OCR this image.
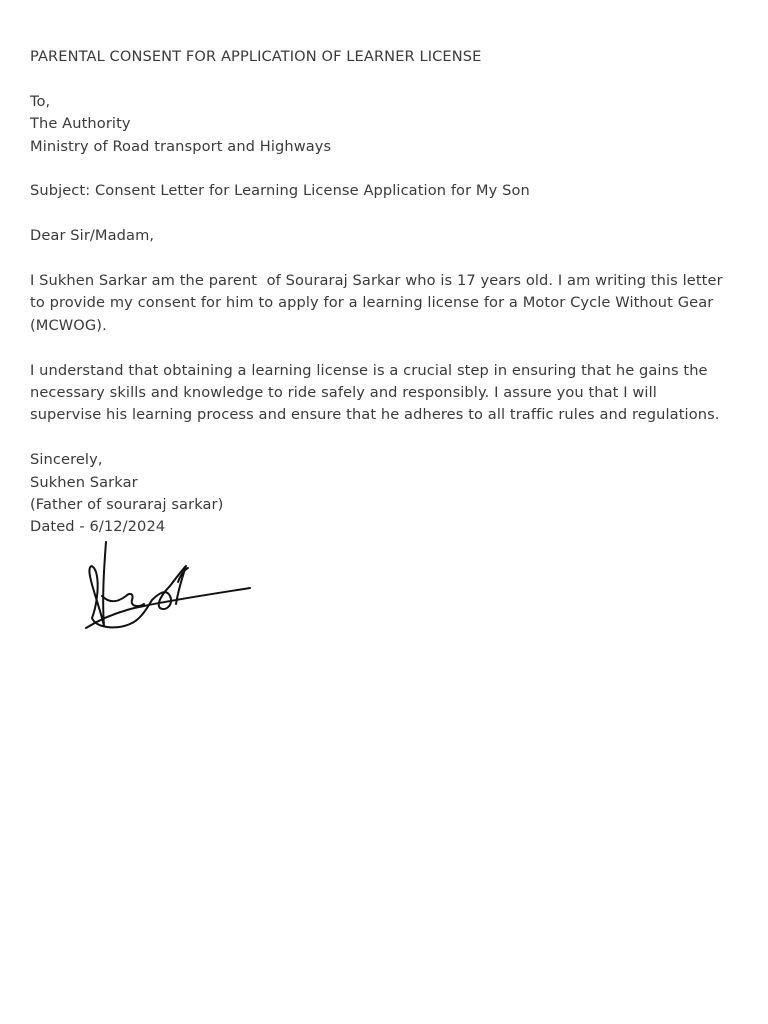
PARENTAL CONSENT FOR APPLICATION OF LEARNER LICENSE
To,
The Authority
Ministry of Road transport and Highways
Subject: Consent Letter for Learning License Application for My Son
Dear Sir/Madam,
I Sukhen Sarkar am the parent  of Souraraj Sarkar who is 17 years old. I am writing this letter
to provide my consent for him to apply for a learning license for a Motor Cycle Without Gear
(MCWOG).
I understand that obtaining a learning license is a crucial step in ensuring that he gains the
necessary skills and knowledge to ride safely and responsibly. I assure you that I will
supervise his learning process and ensure that he adheres to all traffic rules and regulations.
Sincerely,
Sukhen Sarkar
(Father of souraraj sarkar)
Dated - 6/12/2024
